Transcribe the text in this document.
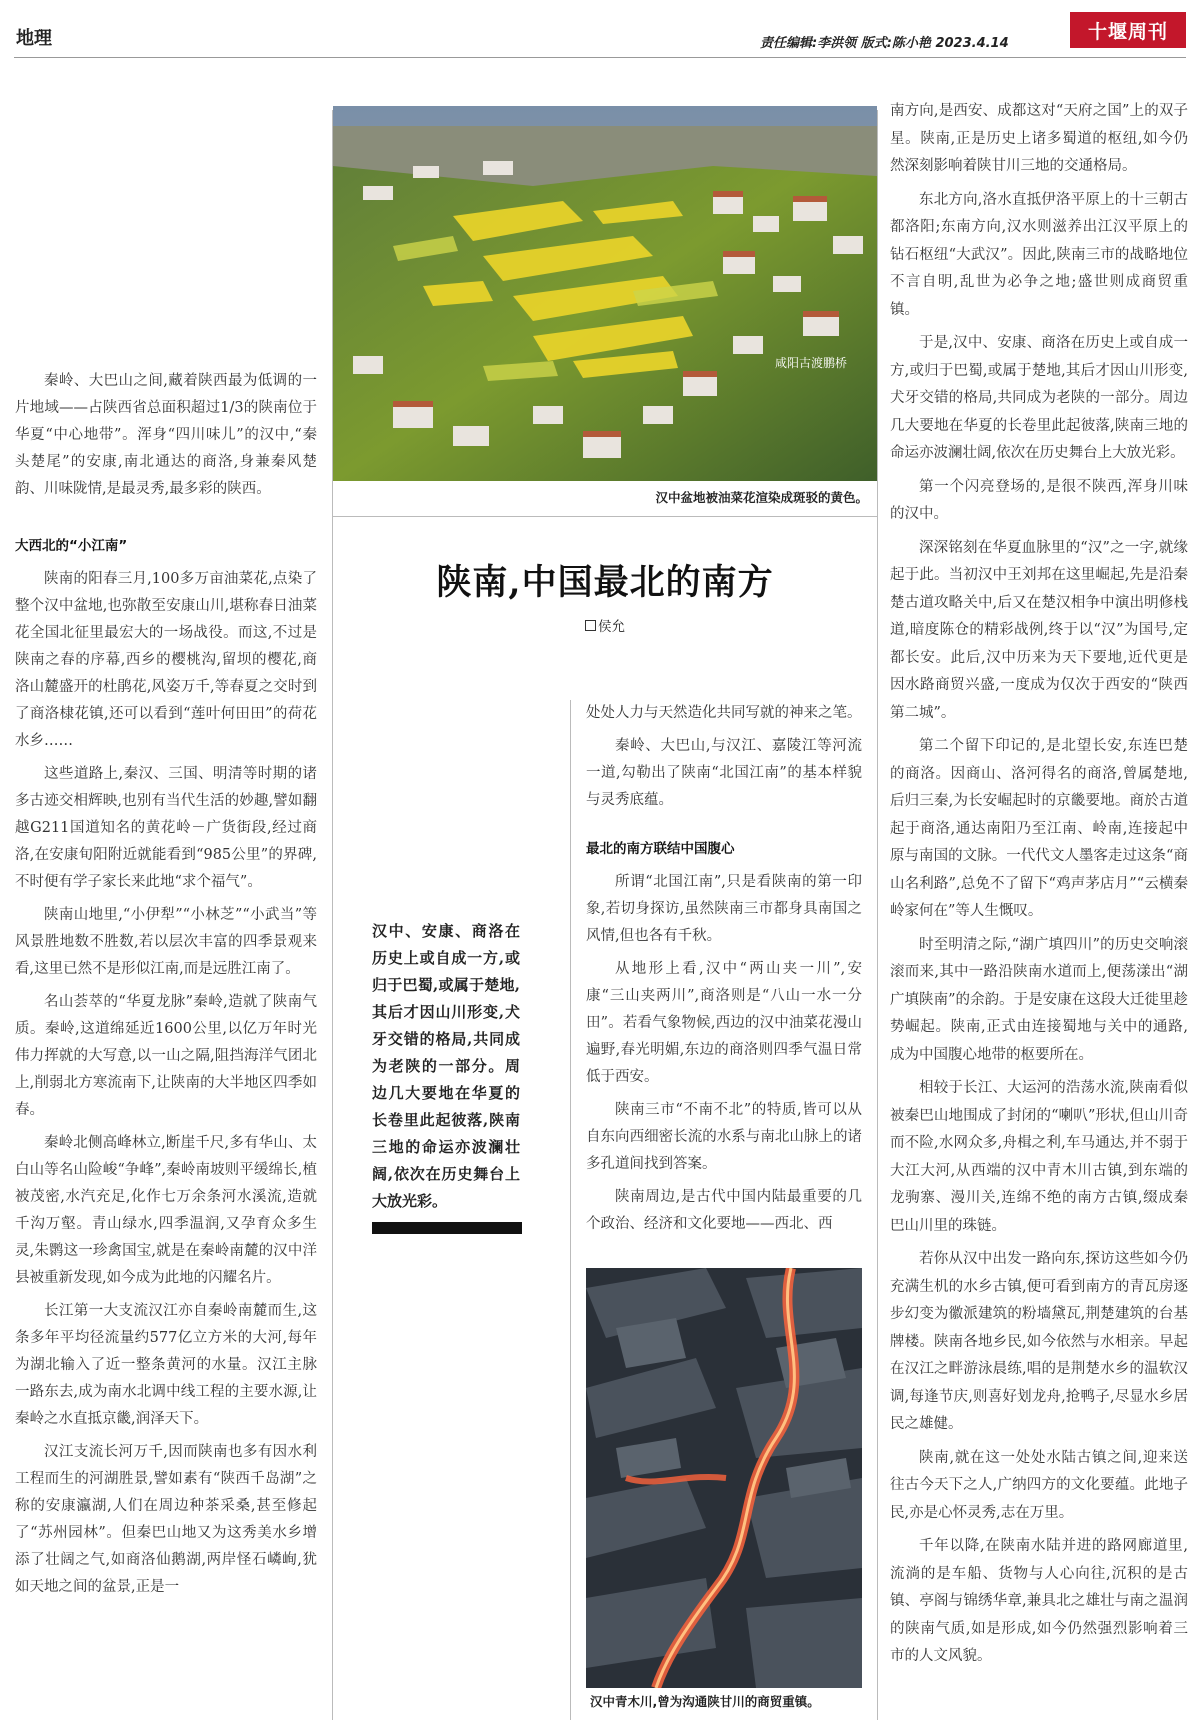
地理	责任编辑:李洪领 版式:陈小艳 2023.4.14
十堰周刊

秦岭、大巴山之间,藏着陕西最为低调的一片地域——占陕西省总面积超过1/3的陕南位于华夏“中心地带”。浑身“四川味儿”的汉中,“秦头楚尾”的安康,南北通达的商洛,身兼秦风楚韵、川味陇情,是最灵秀,最多彩的陕西。

大西北的“小江南”

陕南的阳春三月,100多万亩油菜花,点染了整个汉中盆地,也弥散至安康山川,堪称春日油菜花全国北征里最宏大的一场战役。而这,不过是陕南之春的序幕,西乡的樱桃沟,留坝的樱花,商洛山麓盛开的杜鹃花,风姿万千,等春夏之交时到了商洛棣花镇,还可以看到“莲叶何田田”的荷花水乡……

这些道路上,秦汉、三国、明清等时期的诸多古迹交相辉映,也别有当代生活的妙趣,譬如翻越G211国道知名的黄花岭－广货街段,经过商洛,在安康旬阳附近就能看到“985公里”的界碑,不时便有学子家长来此地“求个福气”。

陕南山地里,“小伊犁”“小林芝”“小武当”等风景胜地数不胜数,若以层次丰富的四季景观来看,这里已然不是形似江南,而是远胜江南了。

名山荟萃的“华夏龙脉”秦岭,造就了陕南气质。秦岭,这道绵延近1600公里,以亿万年时光伟力挥就的大写意,以一山之隔,阻挡海洋气团北上,削弱北方寒流南下,让陕南的大半地区四季如春。

秦岭北侧高峰林立,断崖千尺,多有华山、太白山等名山险峻“争峰”,秦岭南坡则平缓绵长,植被茂密,水汽充足,化作七万余条河水溪流,造就千沟万壑。青山绿水,四季温润,又孕育众多生灵,朱鹮这一珍禽国宝,就是在秦岭南麓的汉中洋县被重新发现,如今成为此地的闪耀名片。

长江第一大支流汉江亦自秦岭南麓而生,这条多年平均径流量约577亿立方米的大河,每年为湖北输入了近一整条黄河的水量。汉江主脉一路东去,成为南水北调中线工程的主要水源,让秦岭之水直抵京畿,润泽天下。

汉江支流长河万千,因而陕南也多有因水利工程而生的河湖胜景,譬如素有“陕西千岛湖”之称的安康瀛湖,人们在周边种茶采桑,甚至修起了“苏州园林”。但秦巴山地又为这秀美水乡增添了壮阔之气,如商洛仙鹅湖,两岸怪石嶙峋,犹如天地之间的盆景,正是一

咸阳古渡鹏桥
汉中盆地被油菜花渲染成斑驳的黄色。
陕南,中国最北的南方
侯允
汉中、安康、商洛在历史上或自成一方,或归于巴蜀,或属于楚地,其后才因山川形变,犬牙交错的格局,共同成为老陕的一部分。周边几大要地在华夏的长卷里此起彼落,陕南三地的命运亦波澜壮阔,依次在历史舞台上大放光彩。

处处人力与天然造化共同写就的神来之笔。

秦岭、大巴山,与汉江、嘉陵江等河流一道,勾勒出了陕南“北国江南”的基本样貌与灵秀底蕴。

最北的南方联结中国腹心

所谓“北国江南”,只是看陕南的第一印象,若切身探访,虽然陕南三市都身具南国之风情,但也各有千秋。

从地形上看,汉中“两山夹一川”,安康“三山夹两川”,商洛则是“八山一水一分田”。若看气象物候,西边的汉中油菜花漫山遍野,春光明媚,东边的商洛则四季气温日常低于西安。

陕南三市“不南不北”的特质,皆可以从自东向西细密长流的水系与南北山脉上的诸多孔道间找到答案。

陕南周边,是古代中国内陆最重要的几个政治、经济和文化要地——西北、西

汉中青木川,曾为沟通陕甘川的商贸重镇。

南方向,是西安、成都这对“天府之国”上的双子星。陕南,正是历史上诸多蜀道的枢纽,如今仍然深刻影响着陕甘川三地的交通格局。

东北方向,洛水直抵伊洛平原上的十三朝古都洛阳;东南方向,汉水则滋养出江汉平原上的钻石枢纽“大武汉”。因此,陕南三市的战略地位不言自明,乱世为必争之地;盛世则成商贸重镇。

于是,汉中、安康、商洛在历史上或自成一方,或归于巴蜀,或属于楚地,其后才因山川形变,犬牙交错的格局,共同成为老陕的一部分。周边几大要地在华夏的长卷里此起彼落,陕南三地的命运亦波澜壮阔,依次在历史舞台上大放光彩。

第一个闪亮登场的,是很不陕西,浑身川味的汉中。

深深铭刻在华夏血脉里的“汉”之一字,就缘起于此。当初汉中王刘邦在这里崛起,先是沿秦楚古道攻略关中,后又在楚汉相争中演出明修栈道,暗度陈仓的精彩战例,终于以“汉”为国号,定都长安。此后,汉中历来为天下要地,近代更是因水路商贸兴盛,一度成为仅次于西安的“陕西第二城”。

第二个留下印记的,是北望长安,东连巴楚的商洛。因商山、洛河得名的商洛,曾属楚地,后归三秦,为长安崛起时的京畿要地。商於古道起于商洛,通达南阳乃至江南、岭南,连接起中原与南国的文脉。一代代文人墨客走过这条“商山名利路”,总免不了留下“鸡声茅店月”“云横秦岭家何在”等人生慨叹。

时至明清之际,“湖广填四川”的历史交响滚滚而来,其中一路沿陕南水道而上,便荡漾出“湖广填陕南”的余韵。于是安康在这段大迁徙里趁势崛起。陕南,正式由连接蜀地与关中的通路,成为中国腹心地带的枢要所在。

相较于长江、大运河的浩荡水流,陕南看似被秦巴山地围成了封闭的“喇叭”形状,但山川奇而不险,水网众多,舟楫之利,车马通达,并不弱于大江大河,从西端的汉中青木川古镇,到东端的龙驹寨、漫川关,连绵不绝的南方古镇,缀成秦巴山川里的珠链。

若你从汉中出发一路向东,探访这些如今仍充满生机的水乡古镇,便可看到南方的青瓦房逐步幻变为徽派建筑的粉墙黛瓦,荆楚建筑的台基牌楼。陕南各地乡民,如今依然与水相亲。早起在汉江之畔游泳晨练,唱的是荆楚水乡的温软汉调,每逢节庆,则喜好划龙舟,抢鸭子,尽显水乡居民之雄健。

陕南,就在这一处处水陆古镇之间,迎来送往古今天下之人,广纳四方的文化要蕴。此地子民,亦是心怀灵秀,志在万里。

千年以降,在陕南水陆并进的路网廊道里,流淌的是车船、货物与人心向往,沉积的是古镇、亭阁与锦绣华章,兼具北之雄壮与南之温润的陕南气质,如是形成,如今仍然强烈影响着三市的人文风貌。
